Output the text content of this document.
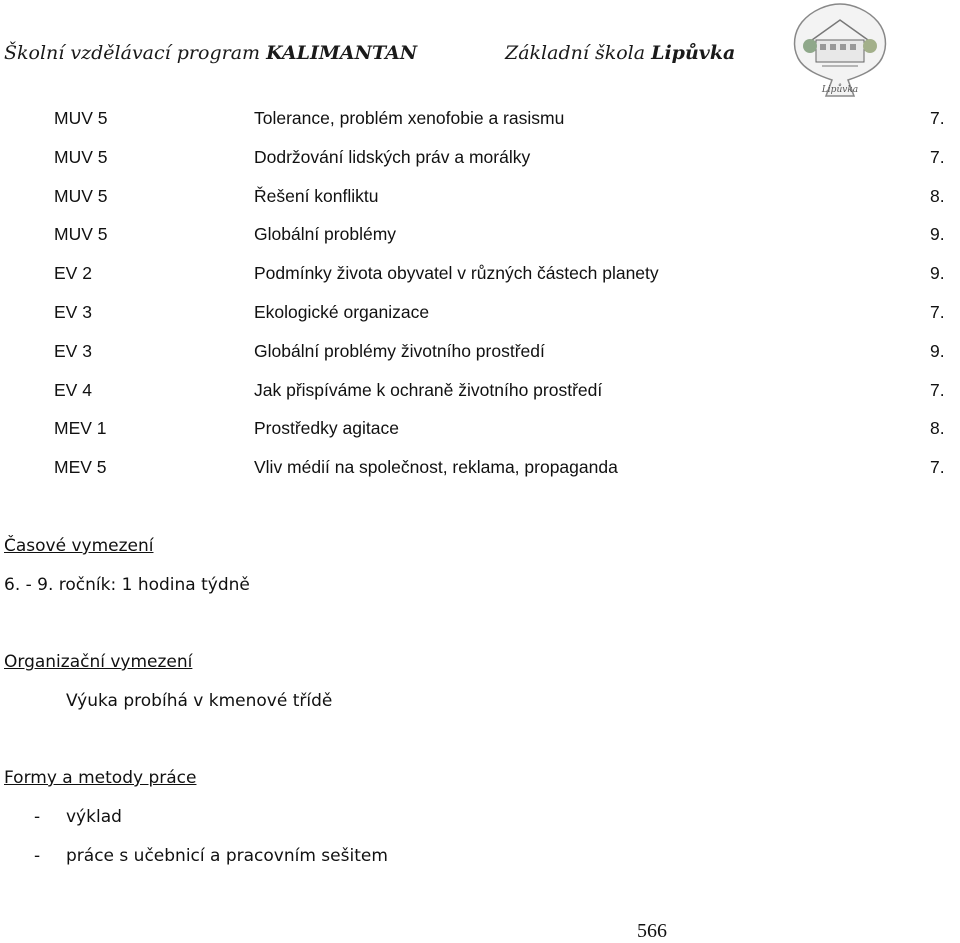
Školní vzdělávací program KALIMANTAN	Základní škola Lipůvka
Lipůvka
MUV 5	Tolerance, problém xenofobie a rasismu	7.
MUV 5	Dodržování lidských práv a morálky	7.
MUV 5	Řešení konfliktu	8.
MUV 5	Globální problémy	9.
EV 2	Podmínky života obyvatel v různých částech planety	9.
EV 3	Ekologické organizace	7.
EV 3	Globální problémy životního prostředí	9.
EV 4	Jak přispíváme k ochraně životního prostředí	7.
MEV 1	Prostředky agitace	8.
MEV 5	Vliv médií na společnost, reklama, propaganda	7.
Časové vymezení
6. - 9. ročník: 1 hodina týdně
Organizační vymezení
Výuka probíhá v kmenové třídě
Formy a metody práce
- výklad
- práce s učebnicí a pracovním sešitem
566
